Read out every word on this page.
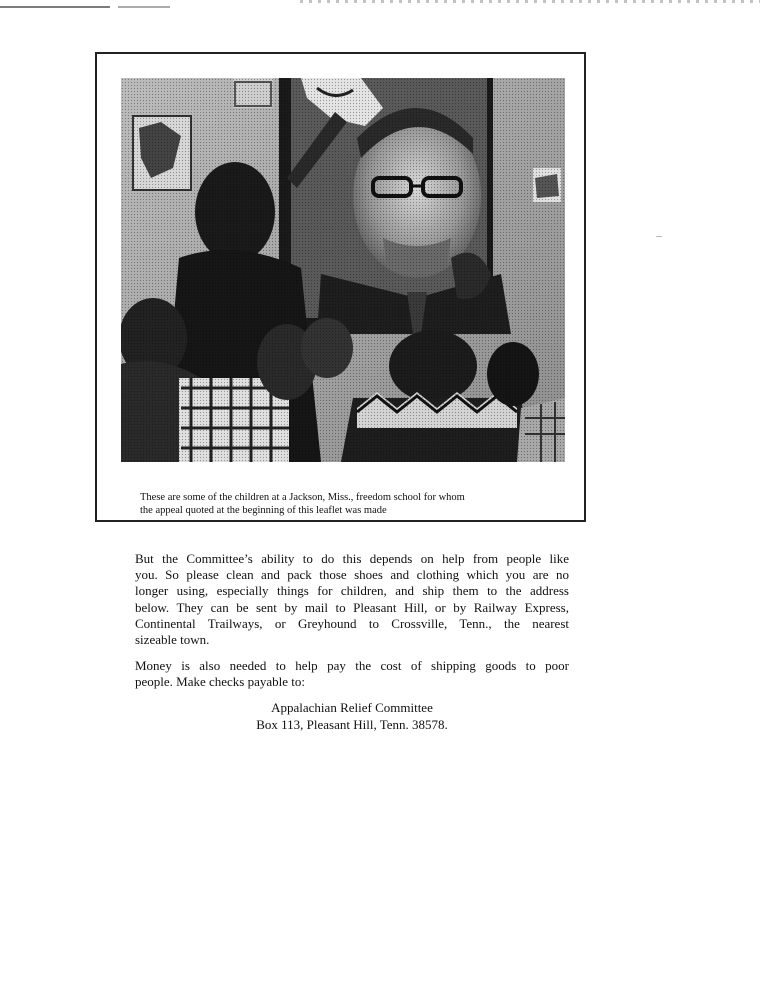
These are some of the children at a Jackson, Miss., freedom school for whom
the appeal quoted at the beginning of this leaflet was made
But the Committee’s ability to do this depends on help from people like
you. So please clean and pack those shoes and clothing which you are no
longer using, especially things for children, and ship them to the address
below. They can be sent by mail to Pleasant Hill, or by Railway Express,
Continental Trailways, or Greyhound to Crossville, Tenn., the nearest
sizeable town.
Money is also needed to help pay the cost of shipping goods to poor
people. Make checks payable to:
Appalachian Relief Committee
Box 113, Pleasant Hill, Tenn. 38578.
